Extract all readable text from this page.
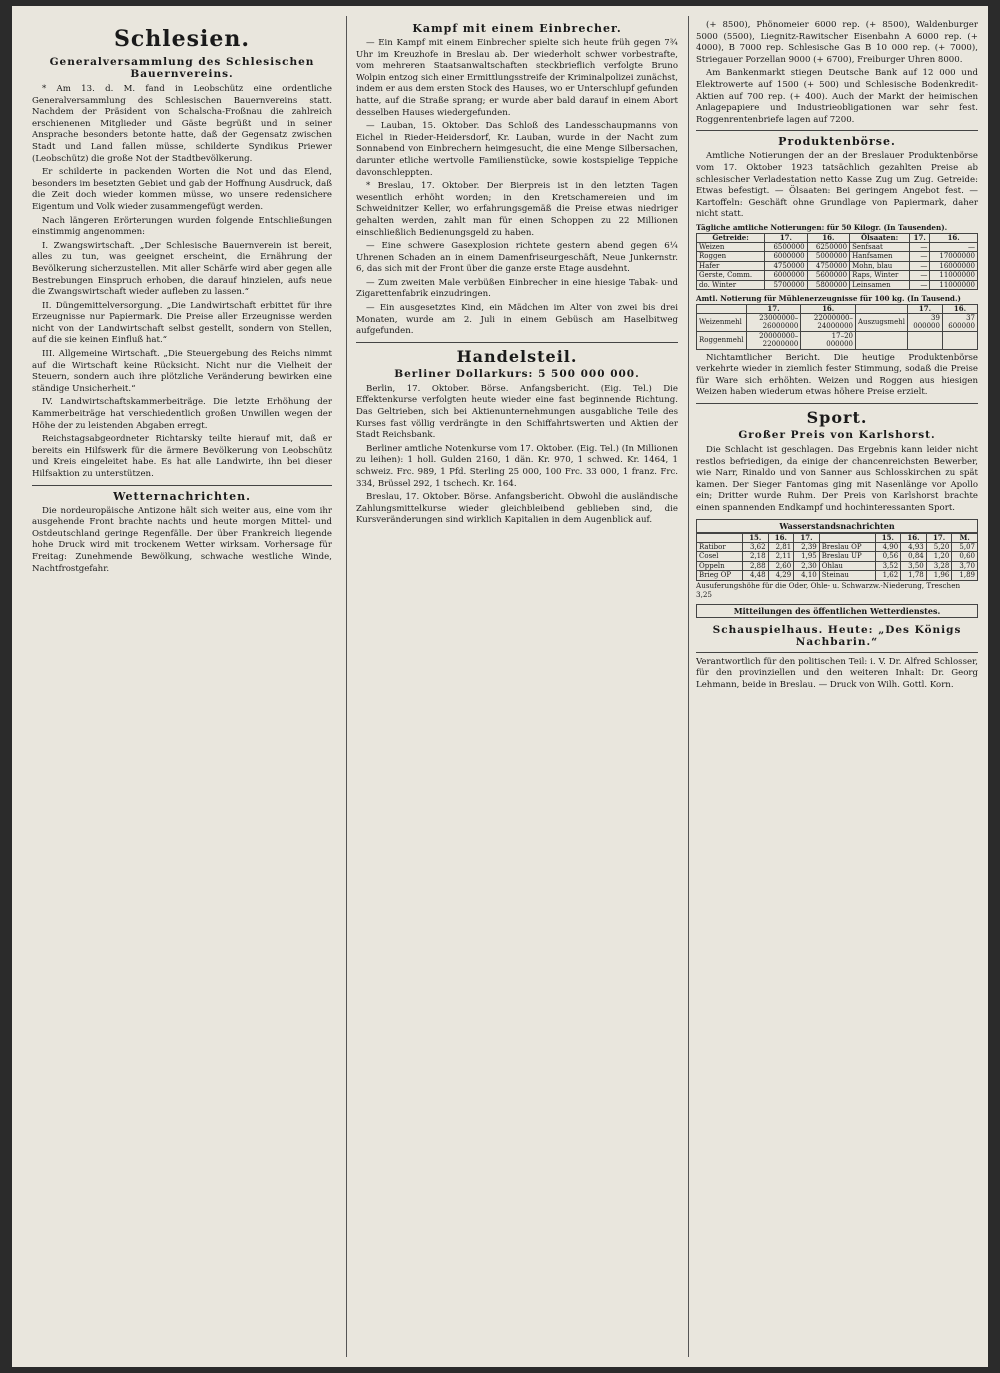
Schlesien.
Generalversammlung des Schlesischen Bauernvereins.

* Am 13. d. M. fand in Leobschütz eine ordentliche Generalversammlung des Schlesischen Bauernvereins statt. Nachdem der Präsident von Schalscha-Froßnau die zahlreich erschienenen Mitglieder und Gäste begrüßt und in seiner Ansprache besonders betonte hatte, daß der Gegensatz zwischen Stadt und Land fallen müsse, schilderte Syndikus Priewer (Leobschütz) die große Not der Stadtbevölkerung.

Er schilderte in packenden Worten die Not und das Elend, besonders im besetzten Gebiet und gab der Hoffnung Ausdruck, daß die Zeit doch wieder kommen müsse, wo unsere redensichere Eigentum und Volk wieder zusammengefügt werden.

Nach längeren Erörterungen wurden folgende Entschließungen einstimmig angenommen:

I. Zwangswirtschaft. „Der Schlesische Bauernverein ist bereit, alles zu tun, was geeignet erscheint, die Ernährung der Bevölkerung sicherzustellen. Mit aller Schärfe wird aber gegen alle Bestrebungen Einspruch erhoben, die darauf hinzielen, aufs neue die Zwangswirtschaft wieder aufleben zu lassen.“

II. Düngemittelversorgung. „Die Landwirtschaft erbittet für ihre Erzeugnisse nur Papiermark. Die Preise aller Erzeugnisse werden nicht von der Landwirtschaft selbst gestellt, sondern von Stellen, auf die sie keinen Einfluß hat.“

III. Allgemeine Wirtschaft. „Die Steuergebung des Reichs nimmt auf die Wirtschaft keine Rücksicht. Nicht nur die Vielheit der Steuern, sondern auch ihre plötzliche Veränderung bewirken eine ständige Unsicherheit.“

IV. Landwirtschaftskammerbeiträge. Die letzte Erhöhung der Kammerbeiträge hat verschiedentlich großen Unwillen wegen der Höhe der zu leistenden Abgaben erregt.

Reichstagsabgeordneter Richtarsky teilte hierauf mit, daß er bereits ein Hilfswerk für die ärmere Bevölkerung von Leobschütz und Kreis eingeleitet habe. Es hat alle Landwirte, ihn bei dieser Hilfsaktion zu unterstützen.

Wetternachrichten.

Die nordeuropäische Antizone hält sich weiter aus, eine vom ihr ausgehende Front brachte nachts und heute morgen Mittel- und Ostdeutschland geringe Regenfälle. Der über Frankreich liegende hohe Druck wird mit trockenem Wetter wirksam. Vorhersage für Freitag: Zunehmende Bewölkung, schwache westliche Winde, Nachtfrostgefahr.

Kampf mit einem Einbrecher.

— Ein Kampf mit einem Einbrecher spielte sich heute früh gegen 7¾ Uhr im Kreuzhofe in Breslau ab. Der wiederholt schwer vorbestrafte, vom mehreren Staatsanwaltschaften steckbrieflich verfolgte Bruno Wolpin entzog sich einer Ermittlungsstreife der Kriminalpolizei zunächst, indem er aus dem ersten Stock des Hauses, wo er Unterschlupf gefunden hatte, auf die Straße sprang; er wurde aber bald darauf in einem Abort desselben Hauses wiedergefunden.

— Lauban, 15. Oktober. Das Schloß des Landesschaupmanns von Eichel in Rieder-Heidersdorf, Kr. Lauban, wurde in der Nacht zum Sonnabend von Einbrechern heimgesucht, die eine Menge Silbersachen, darunter etliche wertvolle Familienstücke, sowie kostspielige Teppiche davonschleppten.

* Breslau, 17. Oktober. Der Bierpreis ist in den letzten Tagen wesentlich erhöht worden; in den Kretschamereien und im Schweidnitzer Keller, wo erfahrungsgemäß die Preise etwas niedriger gehalten werden, zahlt man für einen Schoppen zu 22 Millionen einschließlich Bedienungsgeld zu haben.

— Eine schwere Gasexplosion richtete gestern abend gegen 6¼ Uhrenen Schaden an in einem Damenfriseurgeschäft, Neue Junkernstr. 6, das sich mit der Front über die ganze erste Etage ausdehnt.

— Zum zweiten Male verbüßen Einbrecher in eine hiesige Tabak- und Zigarettenfabrik einzudringen.

— Ein ausgesetztes Kind, ein Mädchen im Alter von zwei bis drei Monaten, wurde am 2. Juli in einem Gebüsch am Haselbitweg aufgefunden.

Handelsteil.
Berliner Dollarkurs: 5 500 000 000.

Berlin, 17. Oktober. Börse. Anfangsbericht. (Eig. Tel.) Die Effektenkurse verfolgten heute wieder eine fast beginnende Richtung. Das Geltrieben, sich bei Aktienunternehmungen ausgabliche Teile des Kurses fast völlig verdrängte in den Schiffahrtswerten und Aktien der Stadt Reichsbank.

Berliner amtliche Notenkurse vom 17. Oktober. (Eig. Tel.) (In Millionen zu leihen): 1 holl. Gulden 2160, 1 dän. Kr. 970, 1 schwed. Kr. 1464, 1 schweiz. Frc. 989, 1 Pfd. Sterling 25 000, 100 Frc. 33 000, 1 franz. Frc. 334, Brüssel 292, 1 tschech. Kr. 164.

Breslau, 17. Oktober. Börse. Anfangsbericht. Obwohl die ausländische Zahlungsmittelkurse wieder gleichbleibend geblieben sind, die Kursveränderungen sind wirklich Kapitalien in dem Augenblick auf.

(+ 8500), Phönomeier 6000 rep. (+ 8500), Waldenburger 5000 (5500), Liegnitz-Rawitscher Eisenbahn A 6000 rep. (+ 4000), B 7000 rep. Schlesische Gas B 10 000 rep. (+ 7000), Striegauer Porzellan 9000 (+ 6700), Freiburger Uhren 8000.

Am Bankenmarkt stiegen Deutsche Bank auf 12 000 und Elektrowerte auf 1500 (+ 500) und Schlesische Bodenkredit-Aktien auf 700 rep. (+ 400). Auch der Markt der heimischen Anlagepapiere und Industrieobligationen war sehr fest. Roggenrentenbriefe lagen auf 7200.

Produktenbörse.

Amtliche Notierungen der an der Breslauer Produktenbörse vom 17. Oktober 1923 tatsächlich gezahlten Preise ab schlesischer Verladestation netto Kasse Zug um Zug. Getreide: Etwas befestigt. — Ölsaaten: Bei geringem Angebot fest. — Kartoffeln: Geschäft ohne Grundlage von Papiermark, daher nicht statt.

Tägliche amtliche Notierungen: für 50 Kilogr. (In Tausenden).
Getreide:	17.	16.	Ölsaaten:	17.	16.
Weizen	6500000	6250000	Senfsaat	—	—
Roggen	6000000	5000000	Hanfsamen	—	17000000
Hafer	4750000	4750000	Mohn, blau	—	16000000
Gerste, Comm.	6000000	5600000	Raps, Winter	—	11000000
do. Winter	5700000	5800000	Leinsamen	—	11000000
Amtl. Notierung für Mühlenerzeugnisse für 100 kg. (In Tausend.)
	17.	16.		17.	16.
Weizenmehl	23000000–26000000	22000000–24000000	Auszugsmehl	39 000000	37 600000
Roggenmehl	20000000–22000000	17–20 000000			

Nichtamtlicher Bericht. Die heutige Produktenbörse verkehrte wieder in ziemlich fester Stimmung, sodaß die Preise für Ware sich erhöhten. Weizen und Roggen aus hiesigen Weizen haben wiederum etwas höhere Preise erzielt.

Sport.
Großer Preis von Karlshorst.

Die Schlacht ist geschlagen. Das Ergebnis kann leider nicht restlos befriedigen, da einige der chancenreichsten Bewerber, wie Narr, Rinaldo und von Sanner aus Schlosskirchen zu spät kamen. Der Sieger Fantomas ging mit Nasenlänge vor Apollo ein; Dritter wurde Ruhm. Der Preis von Karlshorst brachte einen spannenden Endkampf und hochinteressanten Sport.

Wasserstandsnachrichten
	15.	16.	17.		15.	16.	17.	M.
Ratibor	3,62	2,81	2,39	Breslau OP	4,90	4,93	5,20	5,07
Cosel	2,18	2,11	1,95	Breslau UP	0,56	0,84	1,20	0,60
Oppeln	2,88	2,60	2,30	Ohlau	3,52	3,50	3,28	3,70
Brieg OP	4,48	4,29	4,10	Steinau	1,62	1,78	1,96	1,89
Ausuferungshöhe für die Oder, Ohle- u. Schwarzw.-Niederung, Treschen 3,25
Mitteilungen des öffentlichen Wetterdienstes.
Schauspielhaus. Heute: „Des Königs Nachbarin.“

Verantwortlich für den politischen Teil: i. V. Dr. Alfred Schlosser, für den provinziellen und den weiteren Inhalt: Dr. Georg Lehmann, beide in Breslau. — Druck von Wilh. Gottl. Korn.
